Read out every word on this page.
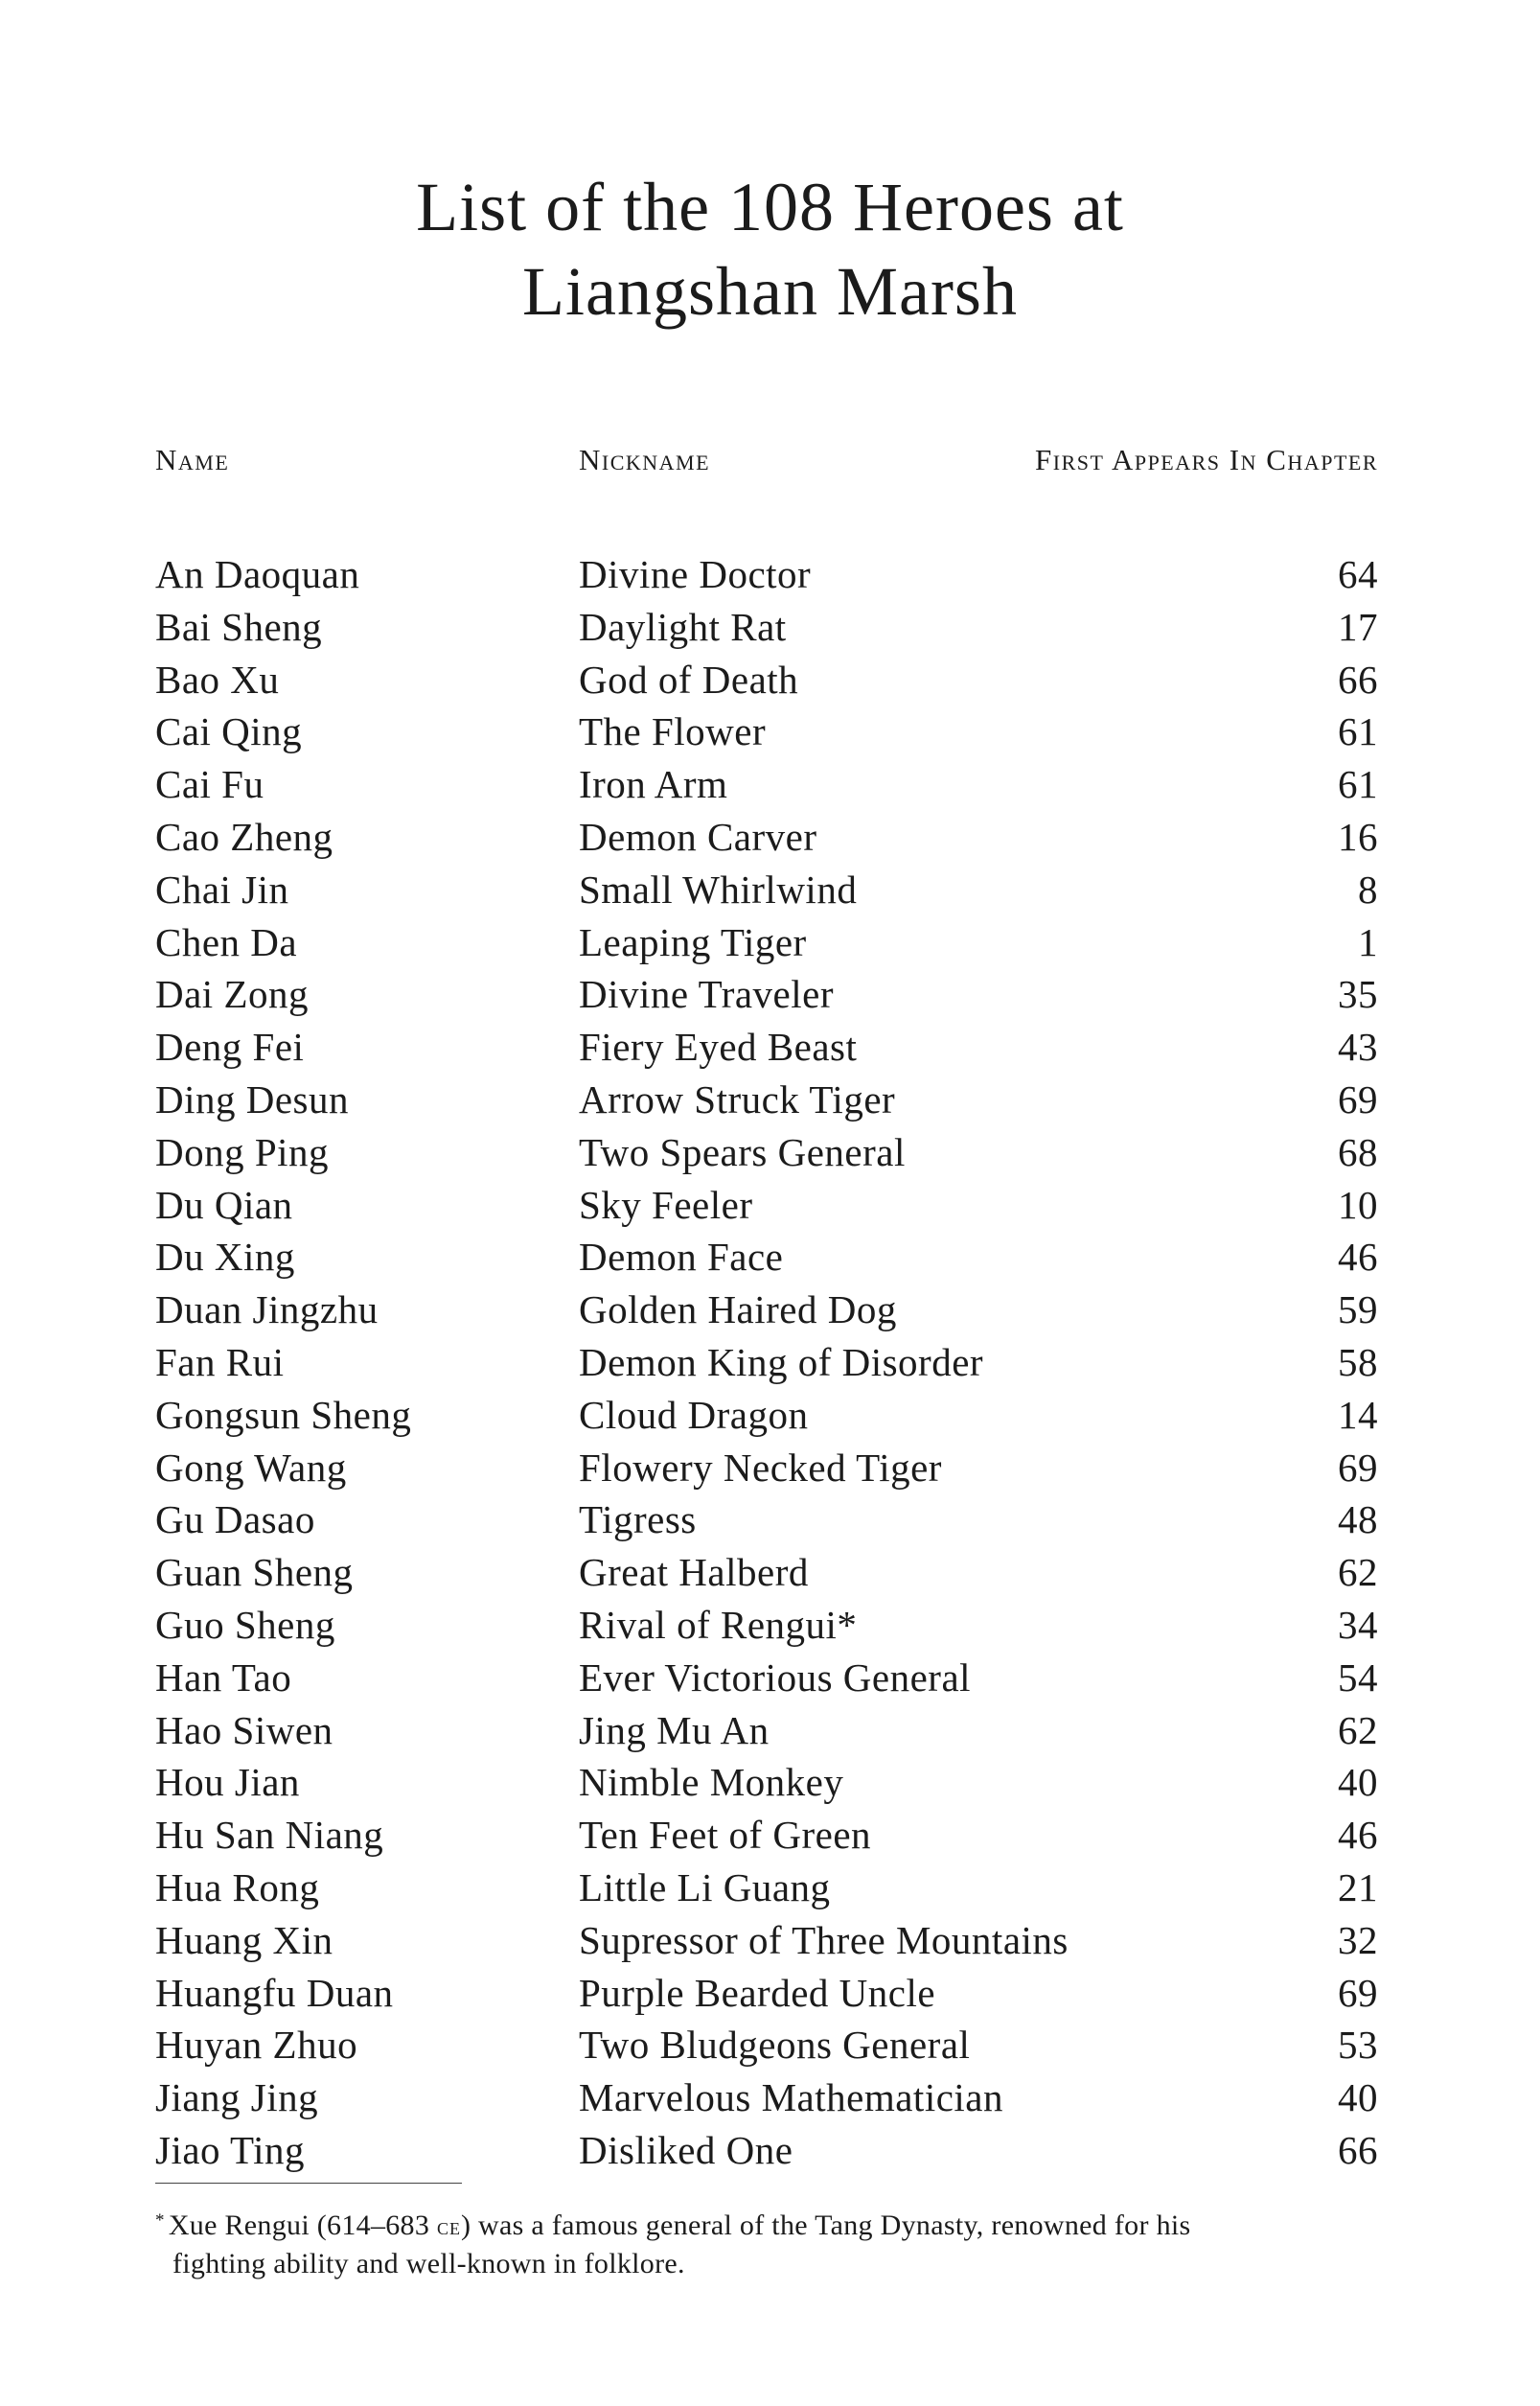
List of the 108 Heroes at
Liangshan Marsh
Name	Nickname	First Appears In Chapter
An Daoquan	Divine Doctor	64
Bai Sheng	Daylight Rat	17
Bao Xu	God of Death	66
Cai Qing	The Flower	61
Cai Fu	Iron Arm	61
Cao Zheng	Demon Carver	16
Chai Jin	Small Whirlwind	8
Chen Da	Leaping Tiger	1
Dai Zong	Divine Traveler	35
Deng Fei	Fiery Eyed Beast	43
Ding Desun	Arrow Struck Tiger	69
Dong Ping	Two Spears General	68
Du Qian	Sky Feeler	10
Du Xing	Demon Face	46
Duan Jingzhu	Golden Haired Dog	59
Fan Rui	Demon King of Disorder	58
Gongsun Sheng	Cloud Dragon	14
Gong Wang	Flowery Necked Tiger	69
Gu Dasao	Tigress	48
Guan Sheng	Great Halberd	62
Guo Sheng	Rival of Rengui*	34
Han Tao	Ever Victorious General	54
Hao Siwen	Jing Mu An	62
Hou Jian	Nimble Monkey	40
Hu San Niang	Ten Feet of Green	46
Hua Rong	Little Li Guang	21
Huang Xin	Supressor of Three Mountains	32
Huangfu Duan	Purple Bearded Uncle	69
Huyan Zhuo	Two Bludgeons General	53
Jiang Jing	Marvelous Mathematician	40
Jiao Ting	Disliked One	66
* Xue Rengui (614–683 ce) was a famous general of the Tang Dynasty, renowned for his
fighting ability and well-known in folklore.
